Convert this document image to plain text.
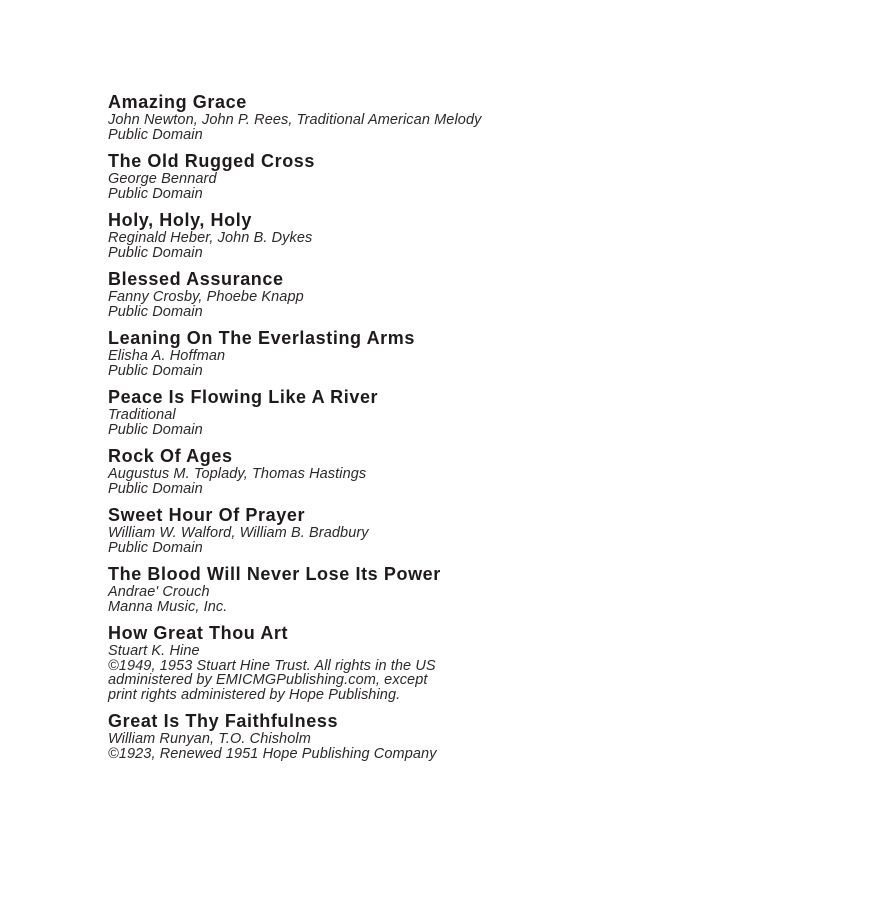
Amazing Grace
John Newton, John P. Rees, Traditional American Melody
Public Domain
The Old Rugged Cross
George Bennard
Public Domain
Holy, Holy, Holy
Reginald Heber, John B. Dykes
Public Domain
Blessed Assurance
Fanny Crosby, Phoebe Knapp
Public Domain
Leaning On The Everlasting Arms
Elisha A. Hoffman
Public Domain
Peace Is Flowing Like A River
Traditional
Public Domain
Rock Of Ages
Augustus M. Toplady, Thomas Hastings
Public Domain
Sweet Hour Of Prayer
William W. Walford, William B. Bradbury
Public Domain
The Blood Will Never Lose Its Power
Andrae' Crouch
Manna Music, Inc.
How Great Thou Art
Stuart K. Hine
©1949, 1953 Stuart Hine Trust. All rights in the US
administered by EMICMGPublishing.com, except
print rights administered by Hope Publishing.
Great Is Thy Faithfulness
William Runyan, T.O. Chisholm
©1923, Renewed 1951 Hope Publishing Company
